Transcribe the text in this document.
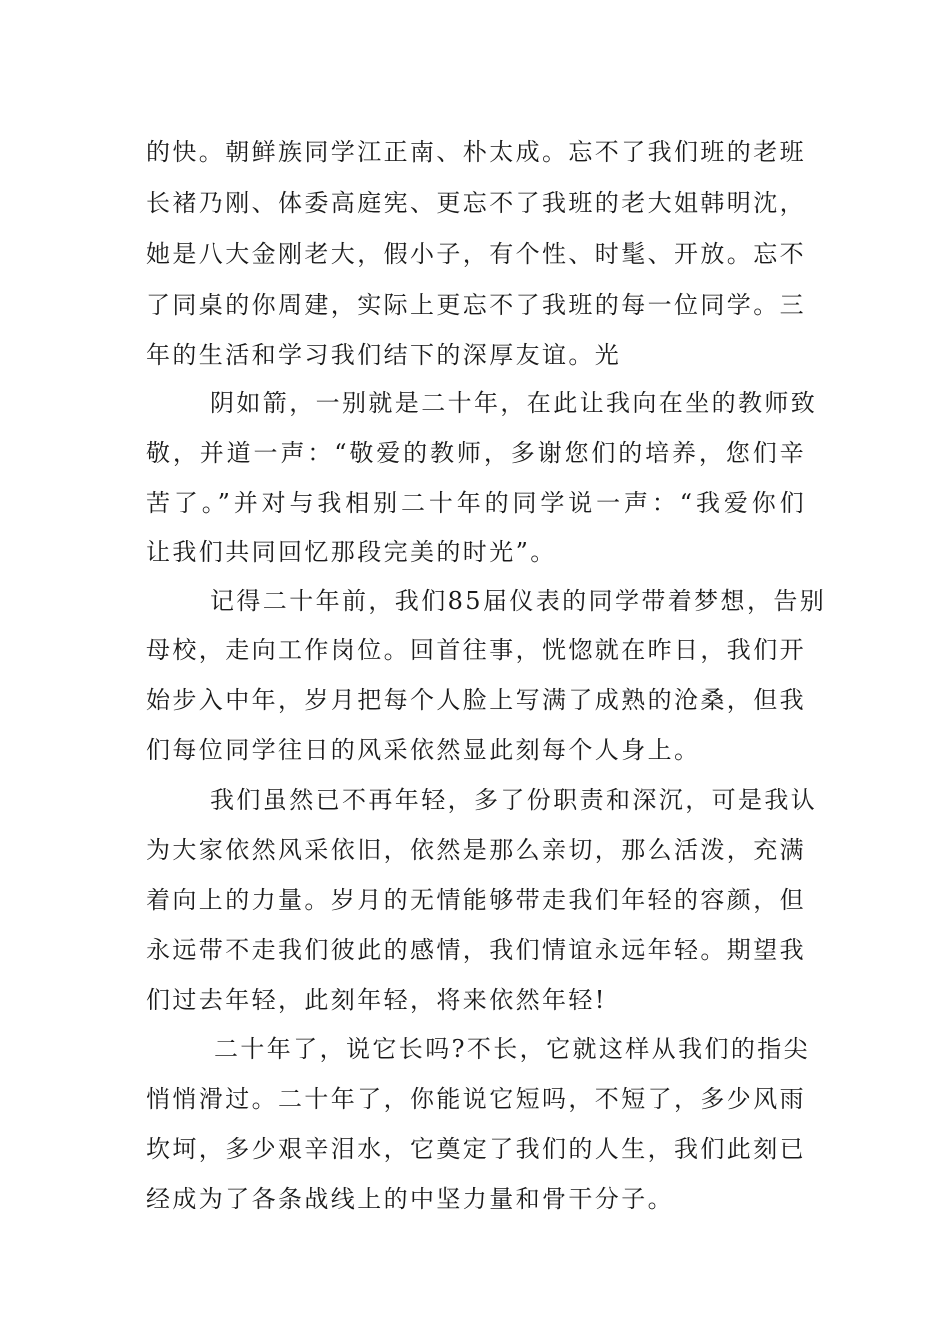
的快。朝鲜族同学江正南、朴太成。忘不了我们班的老班
长褚乃刚、体委高庭宪、更忘不了我班的老大姐韩明沈，
她是八大金刚老大，假小子，有个性、时髦、开放。忘不
了同桌的你周建，实际上更忘不了我班的每一位同学。三
年的生活和学习我们结下的深厚友谊。光
阴如箭，一别就是二十年，在此让我向在坐的教师致
敬，并道一声：“敬爱的教师，多谢您们的培养，您们辛
苦了。”并对与我相别二十年的同学说一声：“我爱你们
让我们共同回忆那段完美的时光”。
记得二十年前，我们85届仪表的同学带着梦想，告别
母校，走向工作岗位。回首往事，恍惚就在昨日，我们开
始步入中年，岁月把每个人脸上写满了成熟的沧桑，但我
们每位同学往日的风采依然显此刻每个人身上。
我们虽然已不再年轻，多了份职责和深沉，可是我认
为大家依然风采依旧，依然是那么亲切，那么活泼，充满
着向上的力量。岁月的无情能够带走我们年轻的容颜，但
永远带不走我们彼此的感情，我们情谊永远年轻。期望我
们过去年轻，此刻年轻，将来依然年轻!
二十年了，说它长吗?不长，它就这样从我们的指尖
悄悄滑过。二十年了，你能说它短吗，不短了，多少风雨
坎坷，多少艰辛泪水，它奠定了我们的人生，我们此刻已
经成为了各条战线上的中坚力量和骨干分子。
